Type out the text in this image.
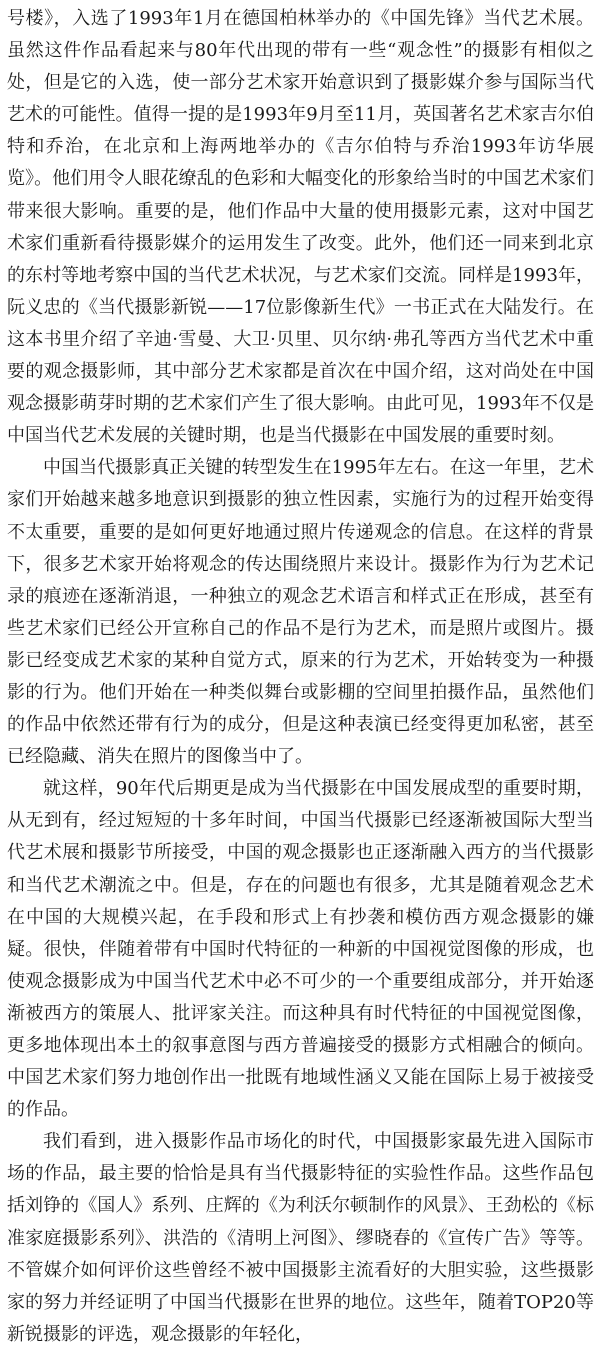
号楼》，入选了1993年1月在德国柏林举办的《中国先锋》当代艺术展。虽然这件作品看起来与80年代出现的带有一些“观念性”的摄影有相似之处，但是它的入选，使一部分艺术家开始意识到了摄影媒介参与国际当代艺术的可能性。值得一提的是1993年9月至11月，英国著名艺术家吉尔伯特和乔治，在北京和上海两地举办的《吉尔伯特与乔治1993年访华展览》。他们用令人眼花缭乱的色彩和大幅变化的形象给当时的中国艺术家们带来很大影响。重要的是，他们作品中大量的使用摄影元素，这对中国艺术家们重新看待摄影媒介的运用发生了改变。此外，他们还一同来到北京的东村等地考察中国的当代艺术状况，与艺术家们交流。同样是1993年，阮义忠的《当代摄影新锐——17位影像新生代》一书正式在大陆发行。在这本书里介绍了辛迪·雪曼、大卫·贝里、贝尔纳·弗孔等西方当代艺术中重要的观念摄影师，其中部分艺术家都是首次在中国介绍，这对尚处在中国观念摄影萌芽时期的艺术家们产生了很大影响。由此可见，1993年不仅是中国当代艺术发展的关键时期，也是当代摄影在中国发展的重要时刻。

中国当代摄影真正关键的转型发生在1995年左右。在这一年里，艺术家们开始越来越多地意识到摄影的独立性因素，实施行为的过程开始变得不太重要，重要的是如何更好地通过照片传递观念的信息。在这样的背景下，很多艺术家开始将观念的传达围绕照片来设计。摄影作为行为艺术记录的痕迹在逐渐消退，一种独立的观念艺术语言和样式正在形成，甚至有些艺术家们已经公开宣称自己的作品不是行为艺术，而是照片或图片。摄影已经变成艺术家的某种自觉方式，原来的行为艺术，开始转变为一种摄影的行为。他们开始在一种类似舞台或影棚的空间里拍摄作品，虽然他们的作品中依然还带有行为的成分，但是这种表演已经变得更加私密，甚至已经隐藏、消失在照片的图像当中了。

就这样，90年代后期更是成为当代摄影在中国发展成型的重要时期，从无到有，经过短短的十多年时间，中国当代摄影已经逐渐被国际大型当代艺术展和摄影节所接受，中国的观念摄影也正逐渐融入西方的当代摄影和当代艺术潮流之中。但是，存在的问题也有很多，尤其是随着观念艺术在中国的大规模兴起，在手段和形式上有抄袭和模仿西方观念摄影的嫌疑。很快，伴随着带有中国时代特征的一种新的中国视觉图像的形成，也使观念摄影成为中国当代艺术中必不可少的一个重要组成部分，并开始逐渐被西方的策展人、批评家关注。而这种具有时代特征的中国视觉图像，更多地体现出本土的叙事意图与西方普遍接受的摄影方式相融合的倾向。中国艺术家们努力地创作出一批既有地域性涵义又能在国际上易于被接受的作品。

我们看到，进入摄影作品市场化的时代，中国摄影家最先进入国际市场的作品，最主要的恰恰是具有当代摄影特征的实验性作品。这些作品包括刘铮的《国人》系列、庄辉的《为利沃尔顿制作的风景》、王劲松的《标准家庭摄影系列》、洪浩的《清明上河图》、缪晓春的《宣传广告》等等。不管媒介如何评价这些曾经不被中国摄影主流看好的大胆实验，这些摄影家的努力并经证明了中国当代摄影在世界的地位。这些年，随着TOP20等新锐摄影的评选，观念摄影的年轻化，
